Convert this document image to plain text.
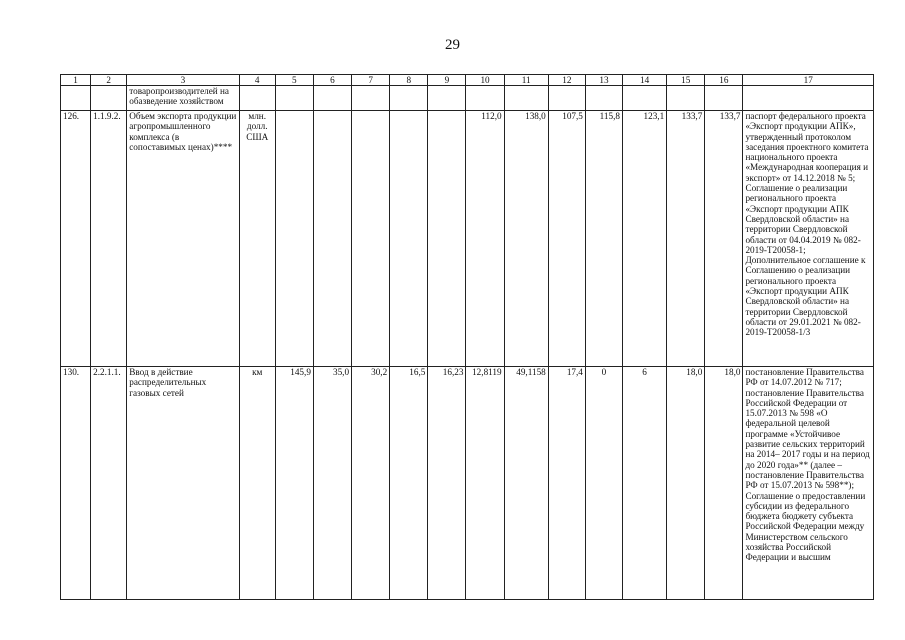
29
1	2	3	4	5	6	7	8	9	10	11	12	13	14	15	16	17
		товаропроизводителей на обазведение хозяйством														
126.	1.1.9.2.	Объем экспорта продукции агропромышленного комплекса (в сопоставимых ценах)****	млн. долл. США						112,0	138,0	107,5	115,8	123,1	133,7	133,7	паспорт федерального проекта «Экспорт продукции АПК», утвержденный протоколом заседания проектного комитета национального проекта «Международная кооперация и экспорт» от 14.12.2018 № 5; Соглашение о реализации регионального проекта «Экспорт продукции АПК Свердловской области» на территории Свердловской области от 04.04.2019 № 082-2019-Т20058-1; Дополнительное соглашение к Соглашению о реализации регионального проекта «Экспорт продукции АПК Свердловской области» на территории Свердловской области от 29.01.2021 № 082-2019-Т20058-1/3
130.	2.2.1.1.	Ввод в действие распределительных газовых сетей	км	145,9	35,0	30,2	16,5	16,23	12,8119	49,1158	17,4	0	6	18,0	18,0	постановление Правительства РФ от 14.07.2012 № 717; постановление Правительства Российской Федерации от 15.07.2013 № 598 «О федеральной целевой программе «Устойчивое развитие сельских территорий на 2014– 2017 годы и на период до 2020 года»** (далее – постановление Правительства РФ от 15.07.2013 № 598**); Соглашение о предоставлении субсидии из федерального бюджета бюджету субъекта Российской Федерации между Министерством сельского хозяйства Российской Федерации и высшим
